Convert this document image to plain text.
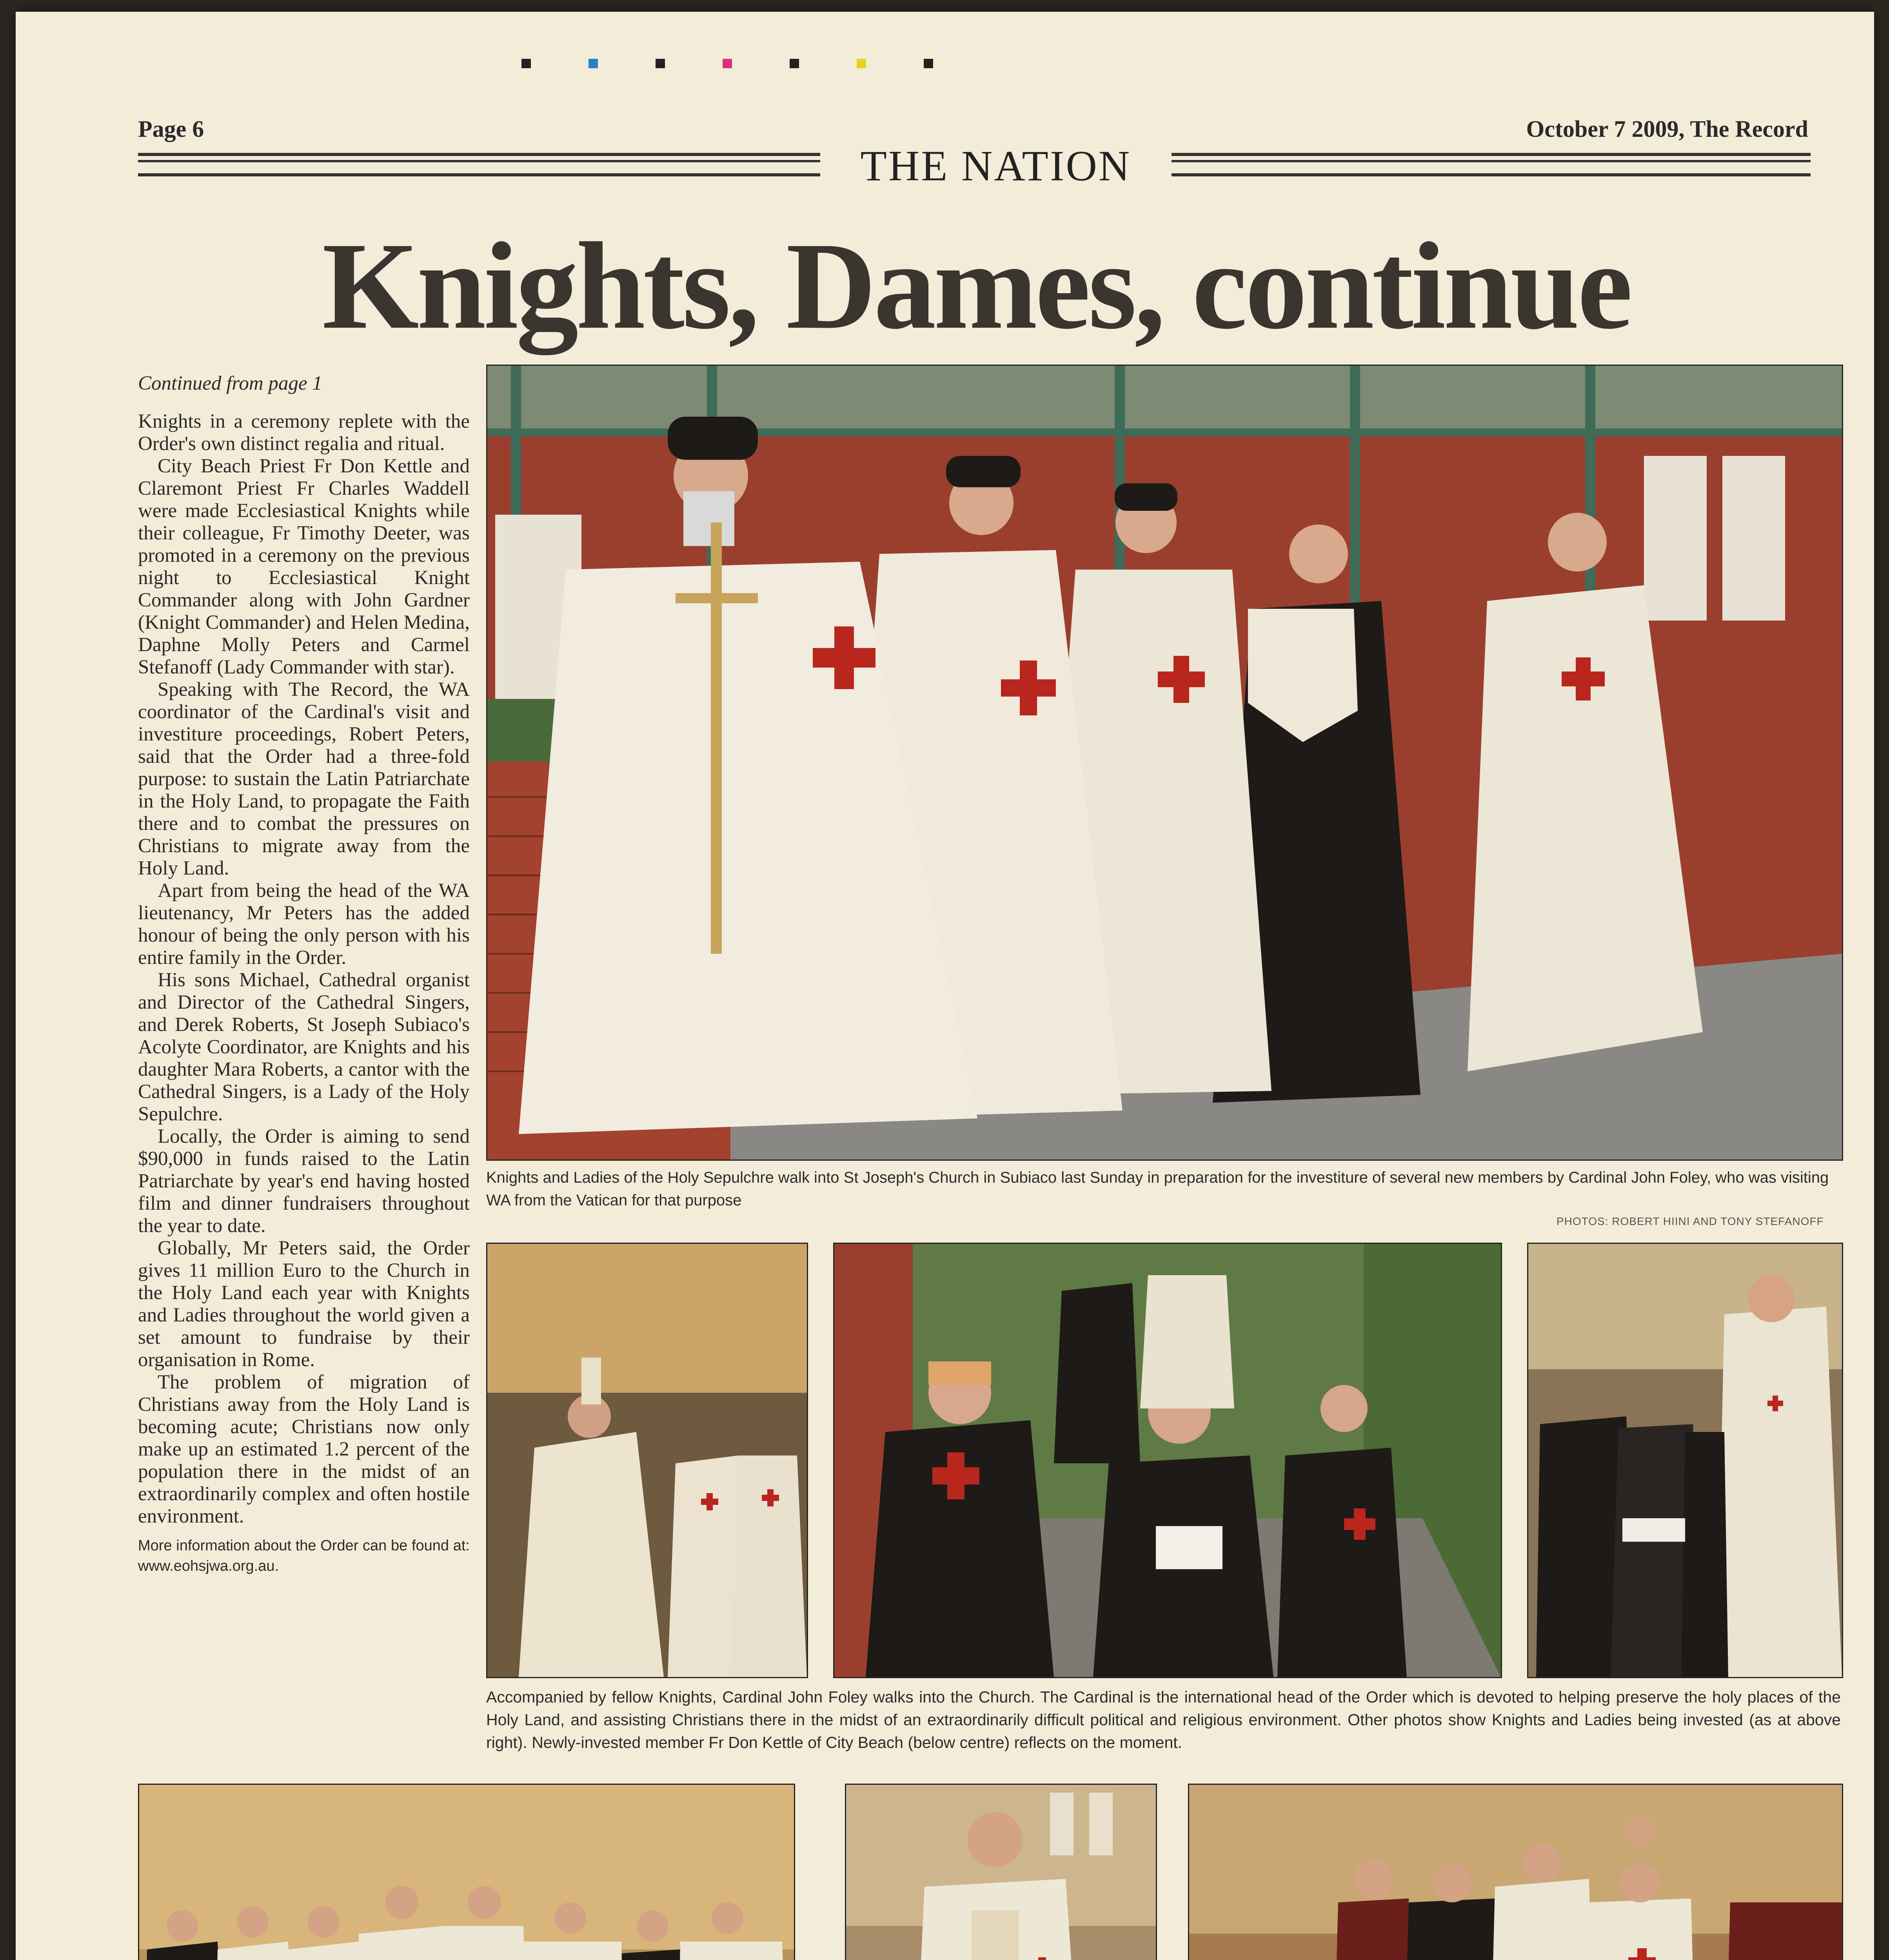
Page 6	October 7 2009, The Record
THE NATION
Knights, Dames, continue
Continued from page 1

Knights in a ceremony replete with the Order's own distinct regalia and ritual.

City Beach Priest Fr Don Kettle and Claremont Priest Fr Charles Waddell were made Ecclesiastical Knights while their colleague, Fr Timothy Deeter, was promoted in a ceremony on the previous night to Ecclesiastical Knight Commander along with John Gardner (Knight Commander) and Helen Medina, Daphne Molly Peters and Carmel Stefanoff (Lady Commander with star).

Speaking with The Record, the WA coordinator of the Cardinal's visit and investiture proceedings, Robert Peters, said that the Order had a three-fold purpose: to sustain the Latin Patriarchate in the Holy Land, to propagate the Faith there and to combat the pressures on Christians to migrate away from the Holy Land.

Apart from being the head of the WA lieutenancy, Mr Peters has the added honour of being the only person with his entire family in the Order.

His sons Michael, Cathedral organist and Director of the Cathedral Singers, and Derek Roberts, St Joseph Subiaco's Acolyte Coordinator, are Knights and his daughter Mara Roberts, a cantor with the Cathedral Singers, is a Lady of the Holy Sepulchre.

Locally, the Order is aiming to send $90,000 in funds raised to the Latin Patriarchate by year's end having hosted film and dinner fundraisers throughout the year to date.

Globally, Mr Peters said, the Order gives 11 million Euro to the Church in the Holy Land each year with Knights and Ladies throughout the world given a set amount to fundraise by their organisation in Rome.

The problem of migration of Christians away from the Holy Land is becoming acute; Christians now only make up an estimated 1.2 percent of the population there in the midst of an extraordinarily complex and often hostile environment.

More information about the Order can be found at: www.eohsjwa.org.au.
Knights and Ladies of the Holy Sepulchre walk into St Joseph's Church in Subiaco last Sunday in preparation for the investiture of several new members by Cardinal John Foley, who was visiting WA from the Vatican for that purpose
PHOTOS: ROBERT HIINI AND TONY STEFANOFF
Accompanied by fellow Knights, Cardinal John Foley walks into the Church. The Cardinal is the international head of the Order which is devoted to helping preserve the holy places of the Holy Land, and assisting Christians there in the midst of an extraordinarily difficult political and religious environment. Other photos show Knights and Ladies being invested (as at above right). Newly-invested member Fr Don Kettle of City Beach (below centre) reflects on the moment.
